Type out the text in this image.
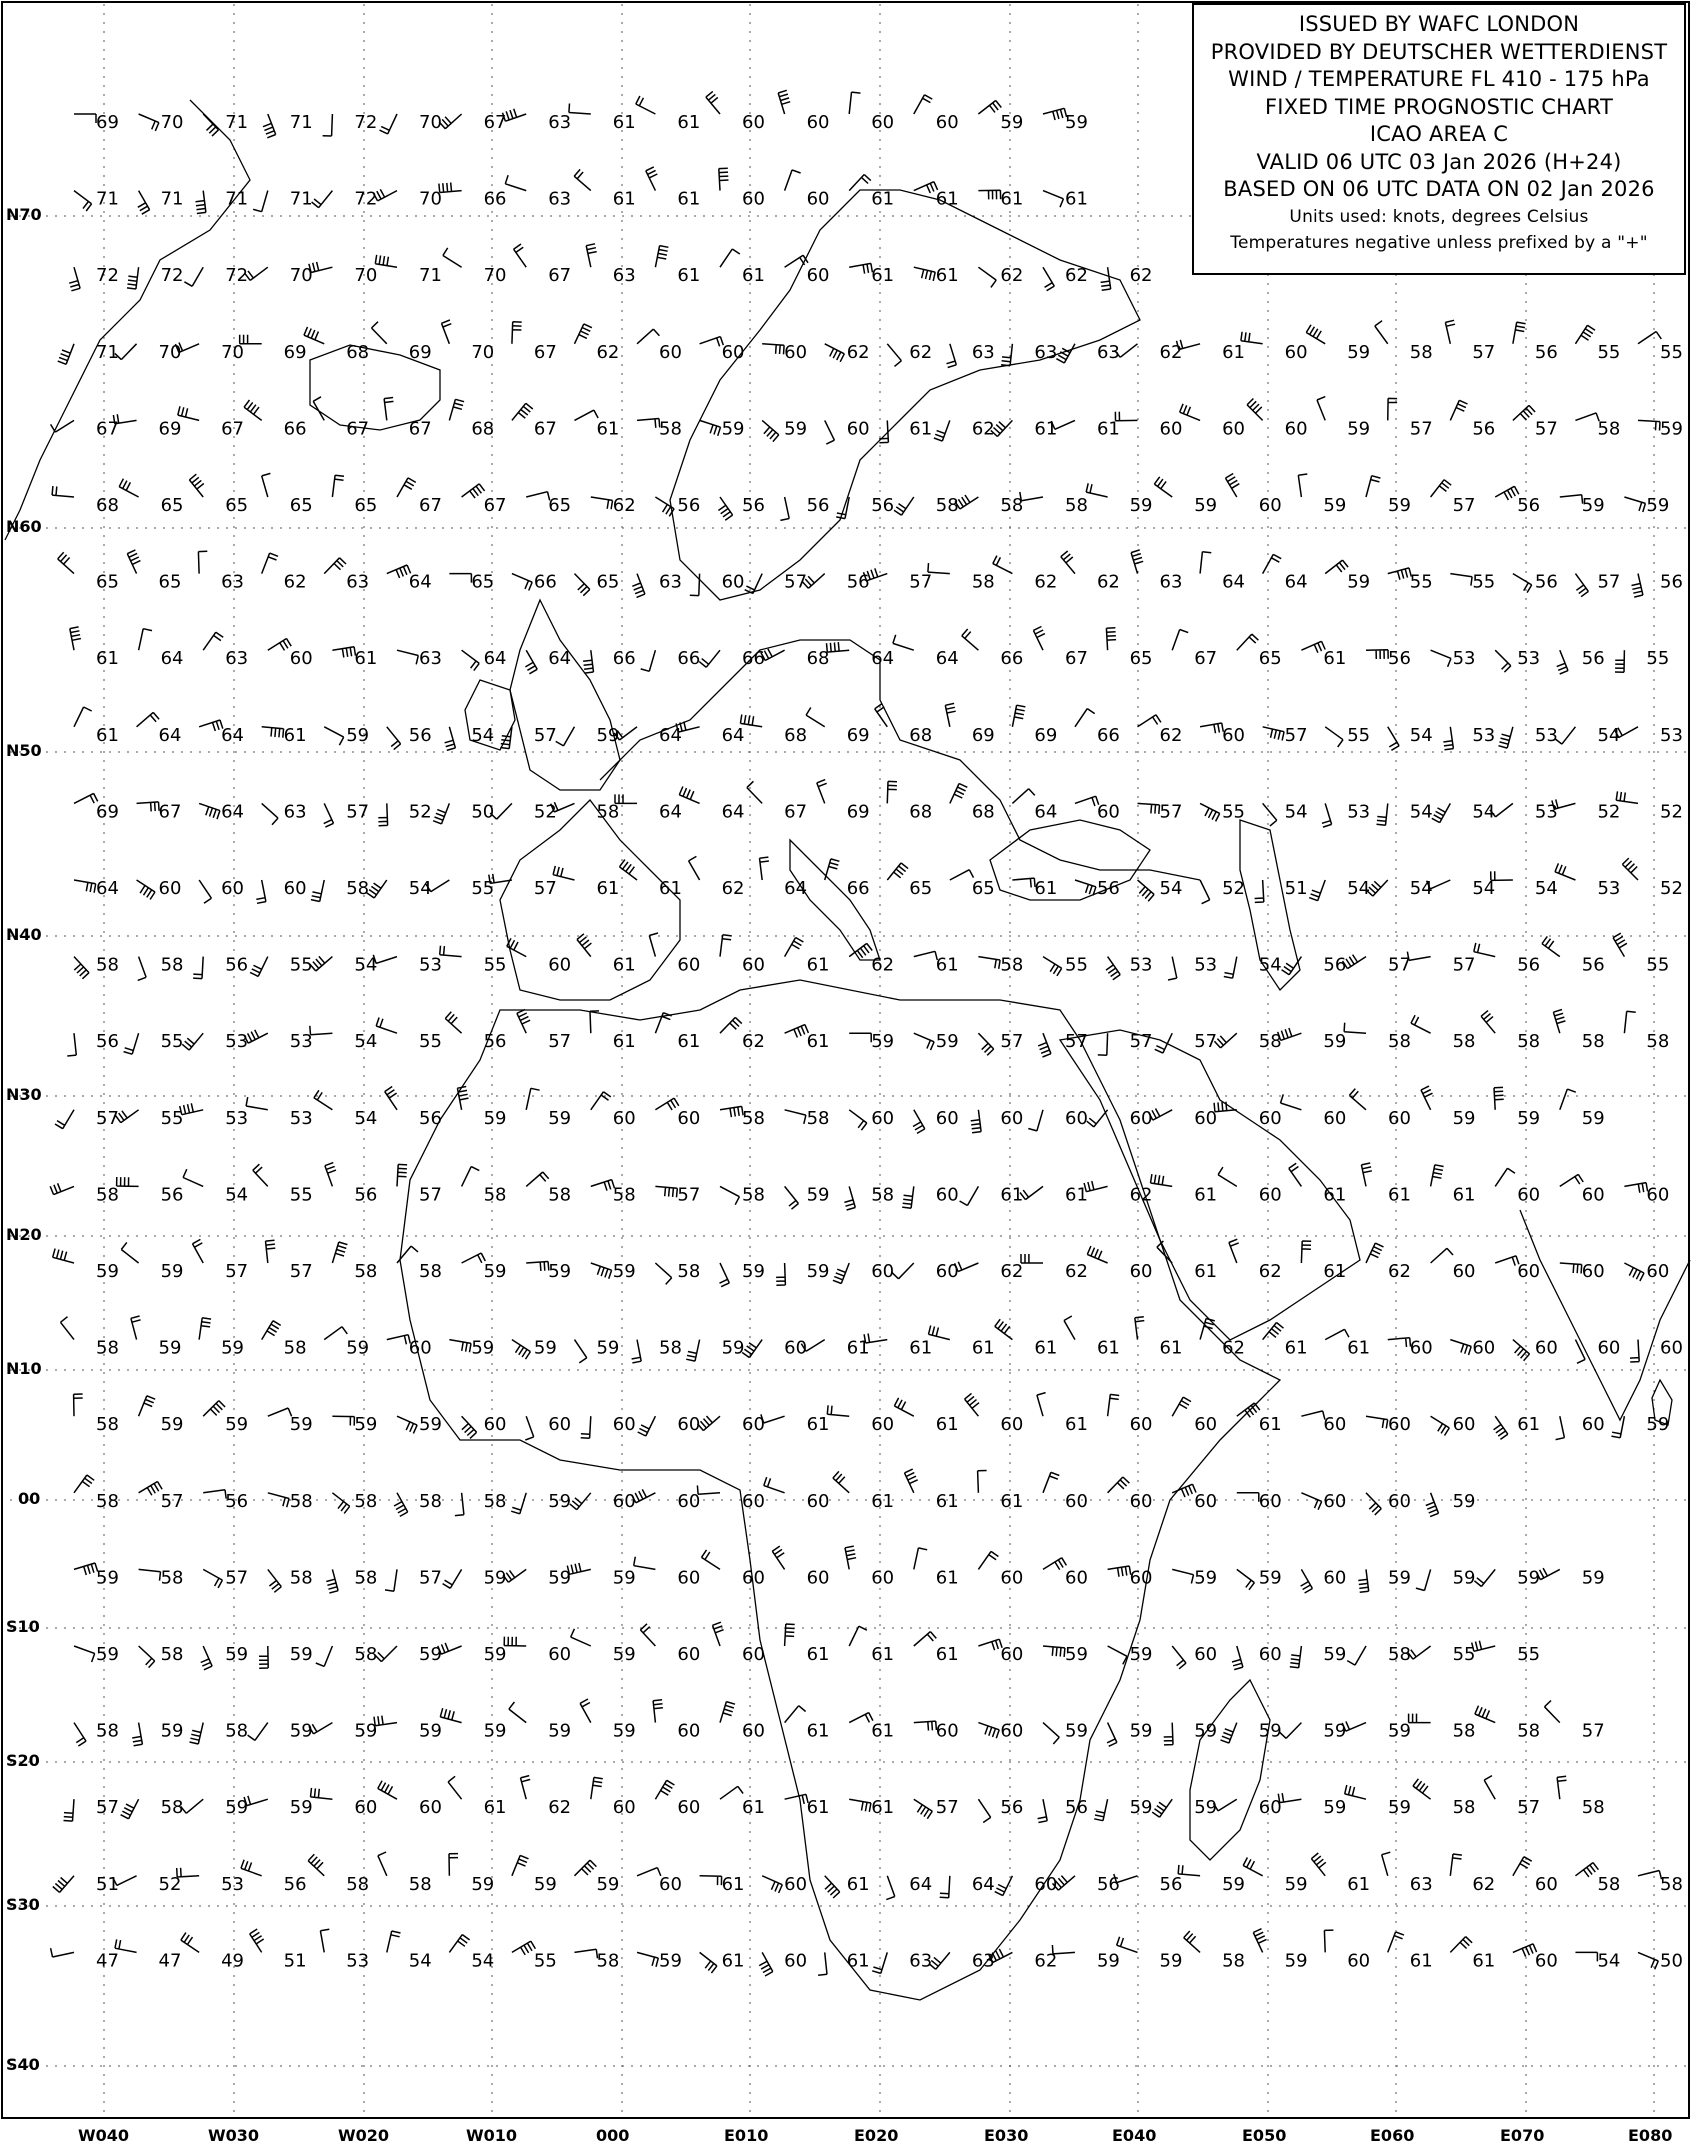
69 70 71 71 72 70 67 63 61 61 60 60 60 60 59 59
71 71 71 71 72 70 66 63 61 61 60 60 61 61 61 61
72 72 72 70 70 71 70 67 63 61 61 60 61 61 62 62 62
71 70 70 69 68 69 70 67 62 60 60 60 62 62 63 63 63 62 61 60 59 58 57 56 55 55
67 69 67 66 67 67 68 67 61 58 59 59 60 61 62 61 61 60 60 60 59 57 56 57 58 59
68 65 65 65 65 67 67 65 62 56 56 56 56 58 58 58 59 59 60 59 59 57 56 59 59
65 65 63 62 63 64 65 66 65 63 60 57 56 57 58 62 62 63 64 64 59 55 55 56 57 56
61 64 63 60 61 63 64 64 66 66 66 68 64 64 66 67 65 67 65 61 56 53 53 56 55
61 64 64 61 59 56 54 57 59 64 64 68 69 68 69 69 66 62 60 57 55 54 53 53 54 53
69 67 64 63 57 52 50 52 58 64 64 67 69 68 68 64 60 57 55 54 53 54 54 53 52 52
64 60 60 60 58 54 55 57 61 61 62 64 66 65 65 61 56 54 52 51 54 54 54 54 53 52
58 58 56 55 54 53 55 60 61 60 60 61 62 61 58 55 53 53 54 56 57 57 56 56 55
56 55 53 53 54 55 56 57 61 61 62 61 59 59 57 57 57 57 58 59 58 58 58 58 58
57 55 53 53 54 56 59 59 60 60 58 58 60 60 60 60 60 60 60 60 60 59 59 59
58 56 54 55 56 57 58 58 58 57 58 59 58 60 61 61 62 61 60 61 61 61 60 60 60
59 59 57 57 58 58 59 59 59 58 59 59 60 60 62 62 60 61 62 61 62 60 60 60 60
58 59 59 58 59 60 59 59 59 58 59 60 61 61 61 61 61 61 62 61 61 60 60 60 60 60
58 59 59 59 59 59 60 60 60 60 60 61 60 61 60 61 60 60 61 60 60 60 61 60 59
58 57 56 58 58 58 58 59 60 60 60 60 61 61 61 60 60 60 60 60 60 59
59 58 57 58 58 57 59 59 59 60 60 60 60 61 60 60 60 59 59 60 59 59 59 59
59 58 59 59 58 59 59 60 59 60 60 61 61 61 60 59 59 60 60 59 58 55 55
58 59 58 59 59 59 59 59 59 60 60 61 61 60 60 59 59 59 59 59 59 58 58 57
57 58 59 59 60 60 61 62 60 60 61 61 61 57 56 56 59 59 60 59 59 58 57 58
51 52 53 56 58 58 59 59 59 60 61 60 61 64 64 60 56 56 59 59 61 63 62 60 58 58
47 47 49 51 53 54 54 55 58 59 61 60 61 63 63 62 59 59 58 59 60 61 61 60 54 50
ISSUED BY WAFC LONDON
PROVIDED BY DEUTSCHER WETTERDIENST
WIND / TEMPERATURE FL 410 - 175 hPa
FIXED TIME PROGNOSTIC CHART
ICAO AREA C
VALID 06 UTC 03 Jan 2026 (H+24)
BASED ON 06 UTC DATA ON 02 Jan 2026
Units used: knots, degrees Celsius
Temperatures negative unless prefixed by a "+"
N70
N60
N50
N40
N30
N20
N10
00
S10
S20
S30
S40
W040	W030	W020	W010	000	E010	E020	E030	E040	E050	E060	E070	E080
